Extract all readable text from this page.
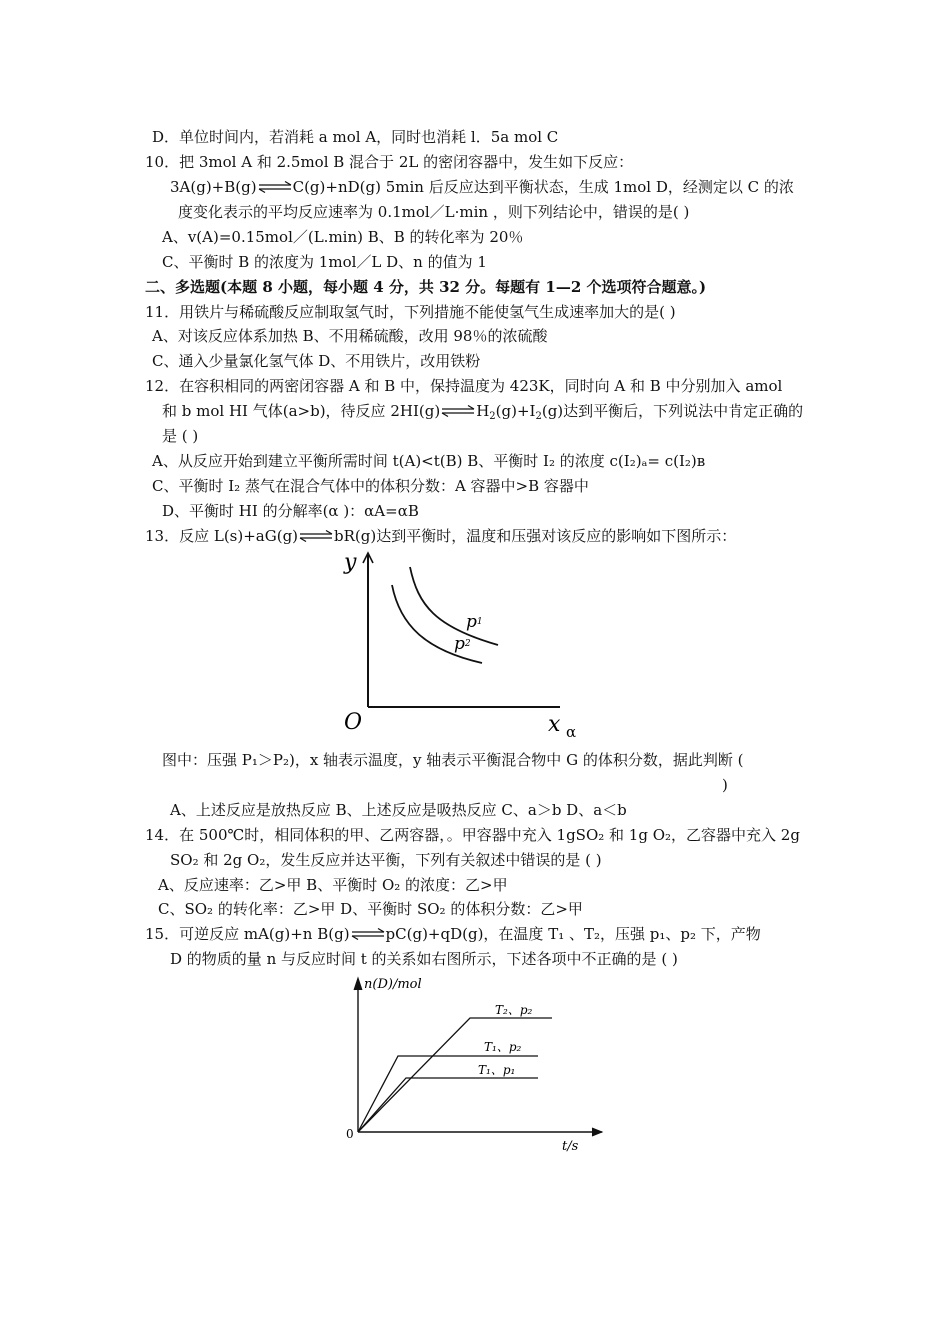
D．单位时间内，若消耗 a mol A，同时也消耗 l．5a mol C
10．把 3mol A 和 2.5mol B 混合于 2L 的密闭容器中，发生如下反应：
3A(g)+B(g) C(g)+nD(g) 5min 后反应达到平衡状态，生成 1mol D，经测定以 C 的浓
度变化表示的平均反应速率为 0.1mol／L·min ，则下列结论中，错误的是( )
A、v(A)=0.15mol／(L.min) B、B 的转化率为 20％
C、平衡时 B 的浓度为 1mol／L D、n 的值为 1
二、多选题(本题 8 小题，每小题 4 分，共 32 分。每题有 1—2 个选项符合题意。)
11．用铁片与稀硫酸反应制取氢气时，下列措施不能使氢气生成速率加大的是( )
A、对该反应体系加热 B、不用稀硫酸，改用 98％的浓硫酸
C、通入少量氯化氢气体 D、不用铁片，改用铁粉
12．在容积相同的两密闭容器 A 和 B 中，保持温度为 423K，同时向 A 和 B 中分别加入 amol
和 b mol HI 气体(a>b)，待反应 2HI(g) $H_2(g)+I_2(g)$达到平衡后，下列说法中肯定正确的
是 ( )
A、从反应开始到建立平衡所需时间 t(A)<t(B) B、平衡时 I₂ 的浓度 c(I₂)ₐ= c(I₂)ʙ
C、平衡时 I₂ 蒸气在混合气体中的体积分数：A 容器中>B 容器中
D、平衡时 HI 的分解率(α )：αA=αB
13．反应 L(s)+aG(g) bR(g)达到平衡时，温度和压强对该反应的影响如下图所示：
y
O	x α
p1
p2
图中：压强 P₁＞P₂)，x 轴表示温度，y 轴表示平衡混合物中 G 的体积分数，据此判断 (
)
A、上述反应是放热反应 B、上述反应是吸热反应 C、a＞b D、a＜b
14．在 500℃时，相同体积的甲、乙两容器，。甲容器中充入 1gSO₂ 和 1g O₂，乙容器中充入 2g
SO₂ 和 2g O₂，发生反应并达平衡，下列有关叙述中错误的是 ( )
A、反应速率：乙>甲 B、平衡时 O₂ 的浓度：乙>甲
C、SO₂ 的转化率：乙>甲 D、平衡时 SO₂ 的体积分数：乙>甲
15．可逆反应 mA(g)+n B(g) pC(g)+qD(g)，在温度 T₁ 、T₂，压强 p₁、p₂ 下，产物
D 的物质的量 n 与反应时间 t 的关系如右图所示，下述各项中不正确的是 ( )
n(D)/mol
t/s
0
T₂、p₂
T₁、p₂
T₁、p₁
